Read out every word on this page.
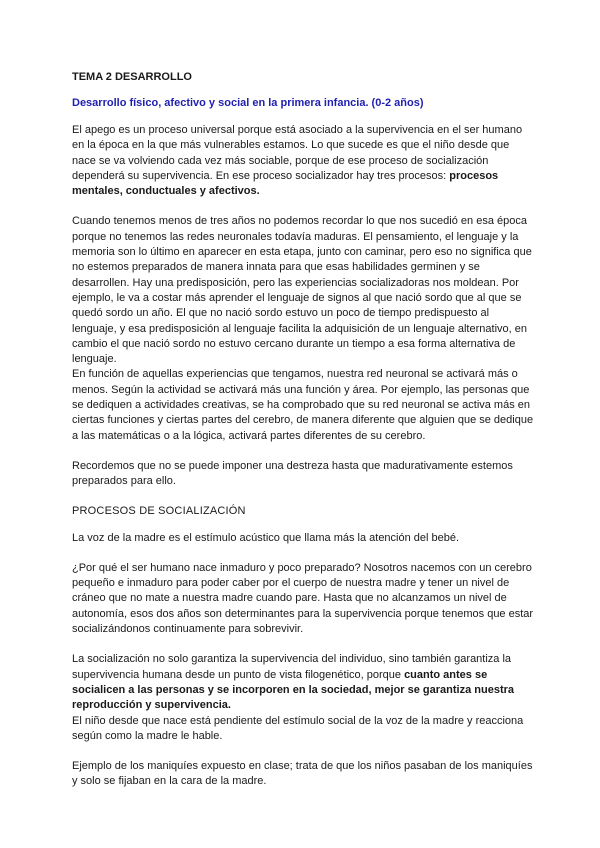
TEMA 2 DESARROLLO

Desarrollo físico, afectivo y social en la primera infancia. (0-2 años)

El apego es un proceso universal porque está asociado a la supervivencia en el ser humano en la época en la que más vulnerables estamos. Lo que sucede es que el niño desde que nace se va volviendo cada vez más sociable, porque de ese proceso de socialización dependerá su supervivencia. En ese proceso socializador hay tres procesos: procesos mentales, conductuales y afectivos.

Cuando tenemos menos de tres años no podemos recordar lo que nos sucedió en esa época porque no tenemos las redes neuronales todavía maduras. El pensamiento, el lenguaje y la memoria son lo último en aparecer en esta etapa, junto con caminar, pero eso no significa que no estemos preparados de manera innata para que esas habilidades germinen y se desarrollen. Hay una predisposición, pero las experiencias socializadoras nos moldean. Por ejemplo, le va a costar más aprender el lenguaje de signos al que nació sordo que al que se quedó sordo un año. El que no nació sordo estuvo un poco de tiempo predispuesto al lenguaje, y esa predisposición al lenguaje facilita la adquisición de un lenguaje alternativo, en cambio el que nació sordo no estuvo cercano durante un tiempo a esa forma alternativa de lenguaje.

En función de aquellas experiencias que tengamos, nuestra red neuronal se activará más o menos. Según la actividad se activará más una función y área. Por ejemplo, las personas que se dediquen a actividades creativas, se ha comprobado que su red neuronal se activa más en ciertas funciones y ciertas partes del cerebro, de manera diferente que alguien que se dedique a las matemáticas o a la lógica, activará partes diferentes de su cerebro.

Recordemos que no se puede imponer una destreza hasta que madurativamente estemos preparados para ello.

PROCESOS DE SOCIALIZACIÓN

La voz de la madre es el estímulo acústico que llama más la atención del bebé.

¿Por qué el ser humano nace inmaduro y poco preparado? Nosotros nacemos con un cerebro pequeño e inmaduro para poder caber por el cuerpo de nuestra madre y tener un nivel de cráneo que no mate a nuestra madre cuando pare. Hasta que no alcanzamos un nivel de autonomía, esos dos años son determinantes para la supervivencia porque tenemos que estar socializándonos continuamente para sobrevivir.

La socialización no solo garantiza la supervivencia del individuo, sino también garantiza la supervivencia humana desde un punto de vista filogenético, porque cuanto antes se socialicen a las personas y se incorporen en la sociedad, mejor se garantiza nuestra reproducción y supervivencia.

El niño desde que nace está pendiente del estímulo social de la voz de la madre y reacciona según como la madre le hable.

Ejemplo de los maniquíes expuesto en clase; trata de que los niños pasaban de los maniquíes y solo se fijaban en la cara de la madre.
